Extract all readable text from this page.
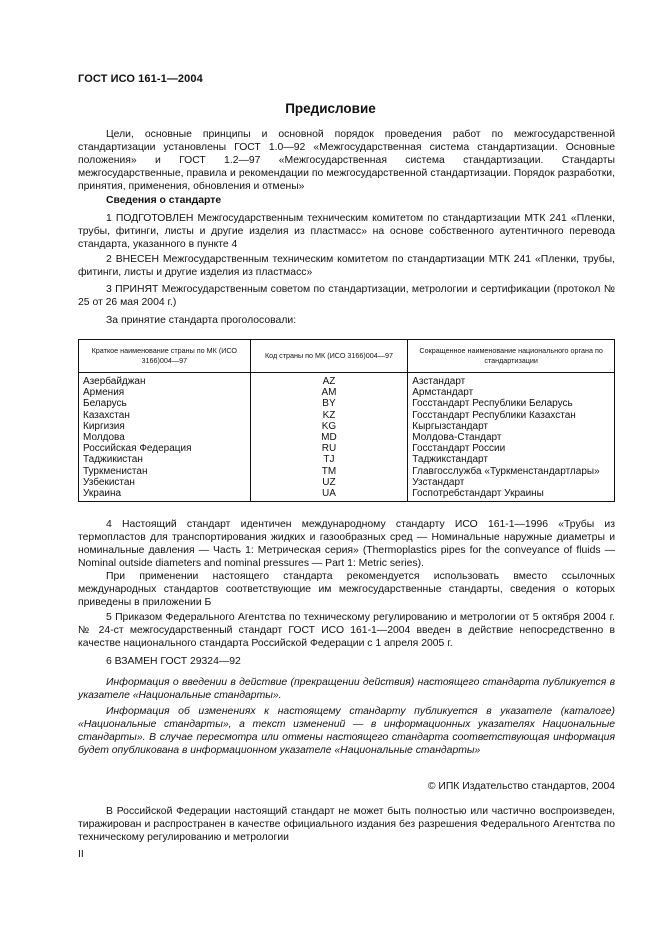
ГОСТ ИСО 161-1—2004
Предисловие

Цели, основные принципы и основной порядок проведения работ по межгосударственной стандартизации установлены ГОСТ 1.0—92 «Межгосударственная система стандартизации. Основные положения» и ГОСТ 1.2—97 «Межгосударственная система стандартизации. Стандарты межгосударственные, правила и рекомендации по межгосударственной стандартизации. Порядок разработки, принятия, применения, обновления и отмены»

Сведения о стандарте

1 ПОДГОТОВЛЕН Межгосударственным техническим комитетом по стандартизации МТК 241 «Пленки, трубы, фитинги, листы и другие изделия из пластмасс» на основе собственного аутентичного перевода стандарта, указанного в пункте 4

2 ВНЕСЕН Межгосударственным техническим комитетом по стандартизации МТК 241 «Пленки, трубы, фитинги, листы и другие изделия из пластмасс»

3 ПРИНЯТ Межгосударственным советом по стандартизации, метрологии и сертификации (протокол № 25 от 26 мая 2004 г.)

За принятие стандарта проголосовали:

Краткое наименование страны по МК (ИСО 3166)004—97	Код страны по МК (ИСО 3166)004—97	Сокращенное наименование национального органа по стандартизации
Азербайджан	AZ	Азстандарт
Армения	AM	Армстандарт
Беларусь	BY	Госстандарт Республики Беларусь
Казахстан	KZ	Госстандарт Республики Казахстан
Киргизия	KG	Кыргызстандарт
Молдова	MD	Молдова-Стандарт
Российская Федерация	RU	Госстандарт России
Таджикистан	TJ	Таджикстандарт
Туркменистан	TM	Главгосслужба «Туркменстандартлары»
Узбекистан	UZ	Узстандарт
Украина	UA	Госпотребстандарт Украины

4 Настоящий стандарт идентичен международному стандарту ИСО 161-1—1996 «Трубы из термопластов для транспортирования жидких и газообразных сред — Номинальные наружные диаметры и номинальные давления — Часть 1: Метрическая серия» (Thermoplastics pipes for the conveyance of fluids — Nominal outside diameters and nominal pressures — Part 1: Metric series).

При применении настоящего стандарта рекомендуется использовать вместо ссылочных международных стандартов соответствующие им межгосударственные стандарты, сведения о которых приведены в приложении Б

5 Приказом Федерального Агентства по техническому регулированию и метрологии от 5 октября 2004 г. № 24-ст межгосударственный стандарт ГОСТ ИСО 161-1—2004 введен в действие непосредственно в качестве национального стандарта Российской Федерации с 1 апреля 2005 г.

6 ВЗАМЕН ГОСТ 29324—92

Информация о введении в действие (прекращении действия) настоящего стандарта публикуется в указателе «Национальные стандарты».

Информация об изменениях к настоящему стандарту публикуется в указателе (каталоге) «Национальные стандарты», а текст изменений — в информационных указателях Национальные стандарты». В случае пересмотра или отмены настоящего стандарта соответствующая информация будет опубликована в информационном указателе «Национальные стандарты»

© ИПК Издательство стандартов, 2004

В Российской Федерации настоящий стандарт не может быть полностью или частично воспроизведен, тиражирован и распространен в качестве официального издания без разрешения Федерального Агентства по техническому регулированию и метрологии

II
